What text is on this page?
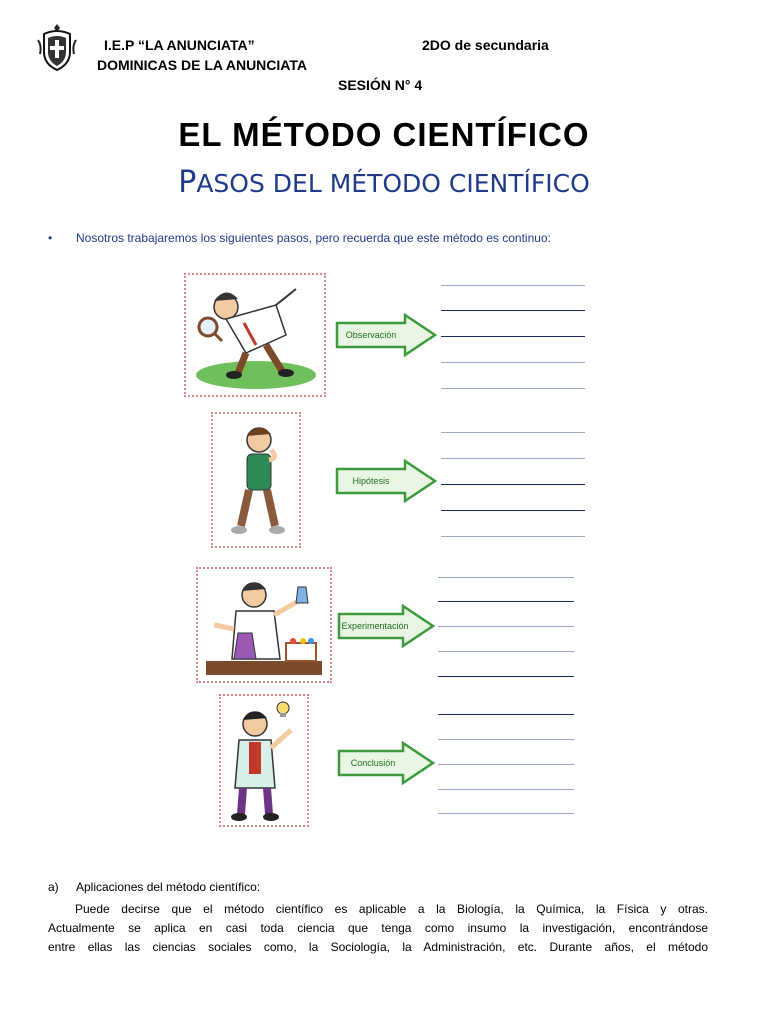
I.E.P “LA ANUNCIATA”	2DO de secundaria
DOMINICAS DE LA ANUNCIATA
SESIÓN N° 4
EL MÉTODO CIENTÍFICO
PASOS DEL MÉTODO CIENTÍFICO
• Nosotros trabajaremos los siguientes pasos, pero recuerda que este método es continuo:
Observación
Hipótesis
Experimentación
Conclusión
a) Aplicaciones del método científico:
Puede decirse que el método científico es aplicable a la Biología, la Química, la Física y otras.
Actualmente se aplica en casi toda ciencia que tenga como insumo la investigación, encontrándose
entre ellas las ciencias sociales como, la Sociología, la Administración, etc. Durante años, el método
